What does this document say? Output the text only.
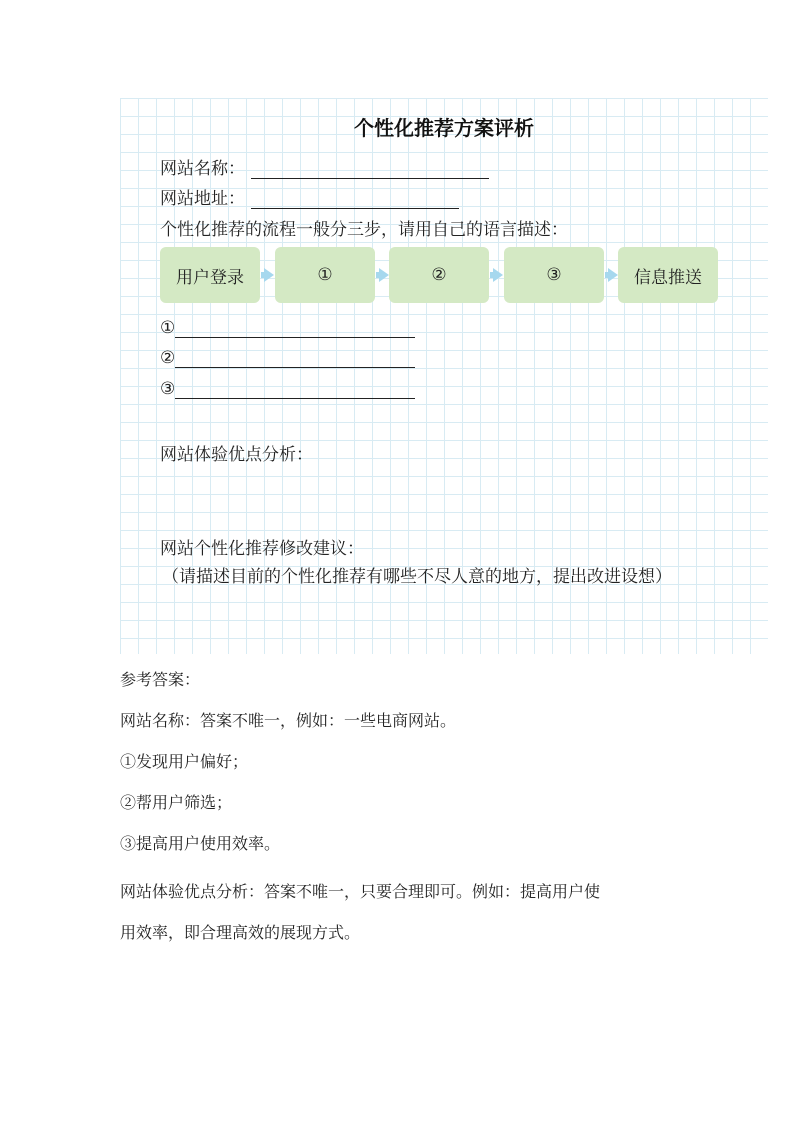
个性化推荐方案评析
网站名称：
网站地址：
个性化推荐的流程一般分三步，请用自己的语言描述：
用户登录	①	②	③	信息推送
①
②
③
网站体验优点分析：
网站个性化推荐修改建议：
（请描述目前的个性化推荐有哪些不尽人意的地方，提出改进设想）

参考答案：

网站名称：答案不唯一，例如：一些电商网站。

①发现用户偏好；

②帮用户筛选；

③提高用户使用效率。

网站体验优点分析：答案不唯一，只要合理即可。例如：提高用户使

用效率，即合理高效的展现方式。
